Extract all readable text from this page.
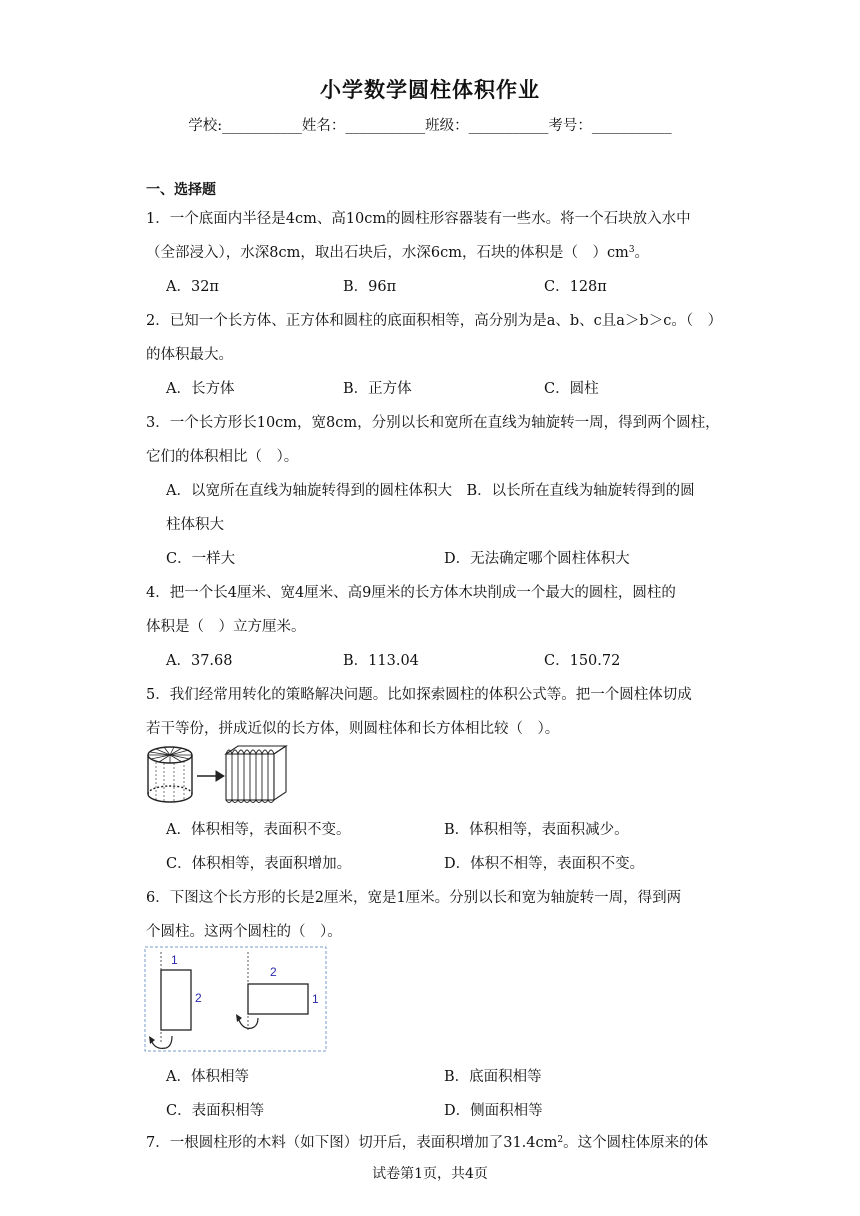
小学数学圆柱体积作业
学校:___________姓名：___________班级：___________考号：___________
一、选择题
1．一个底面内半径是4cm、高10cm的圆柱形容器装有一些水。将一个石块放入水中
（全部浸入），水深8cm，取出石块后，水深6cm，石块的体积是（　）$cm^3$。
A．32π	B．96π	C．128π
2．已知一个长方体、正方体和圆柱的底面积相等，高分别为是a、b、c且a＞b＞c。（　）
的体积最大。
A．长方体	B．正方体	C．圆柱
3．一个长方形长10cm，宽8cm，分别以长和宽所在直线为轴旋转一周，得到两个圆柱，
它们的体积相比（　）。
A．以宽所在直线为轴旋转得到的圆柱体积大　B．以长所在直线为轴旋转得到的圆
柱体积大
C．一样大	D．无法确定哪个圆柱体积大
4．把一个长4厘米、宽4厘米、高9厘米的长方体木块削成一个最大的圆柱，圆柱的
体积是（　）立方厘米。
A．37.68	B．113.04	C．150.72
5．我们经常用转化的策略解决问题。比如探索圆柱的体积公式等。把一个圆柱体切成
若干等份，拼成近似的长方体，则圆柱体和长方体相比较（　）。
A．体积相等，表面积不变。	B．体积相等，表面积减少。
C．体积相等，表面积增加。	D．体积不相等，表面积不变。
6．下图这个长方形的长是2厘米，宽是1厘米。分别以长和宽为轴旋转一周，得到两
个圆柱。这两个圆柱的（　）。
1
2
2
1
A．体积相等	B．底面积相等
C．表面积相等	D．侧面积相等
7．一根圆柱形的木料（如下图）切开后，表面积增加了$31.4cm^2$。这个圆柱体原来的体
试卷第1页，共4页
